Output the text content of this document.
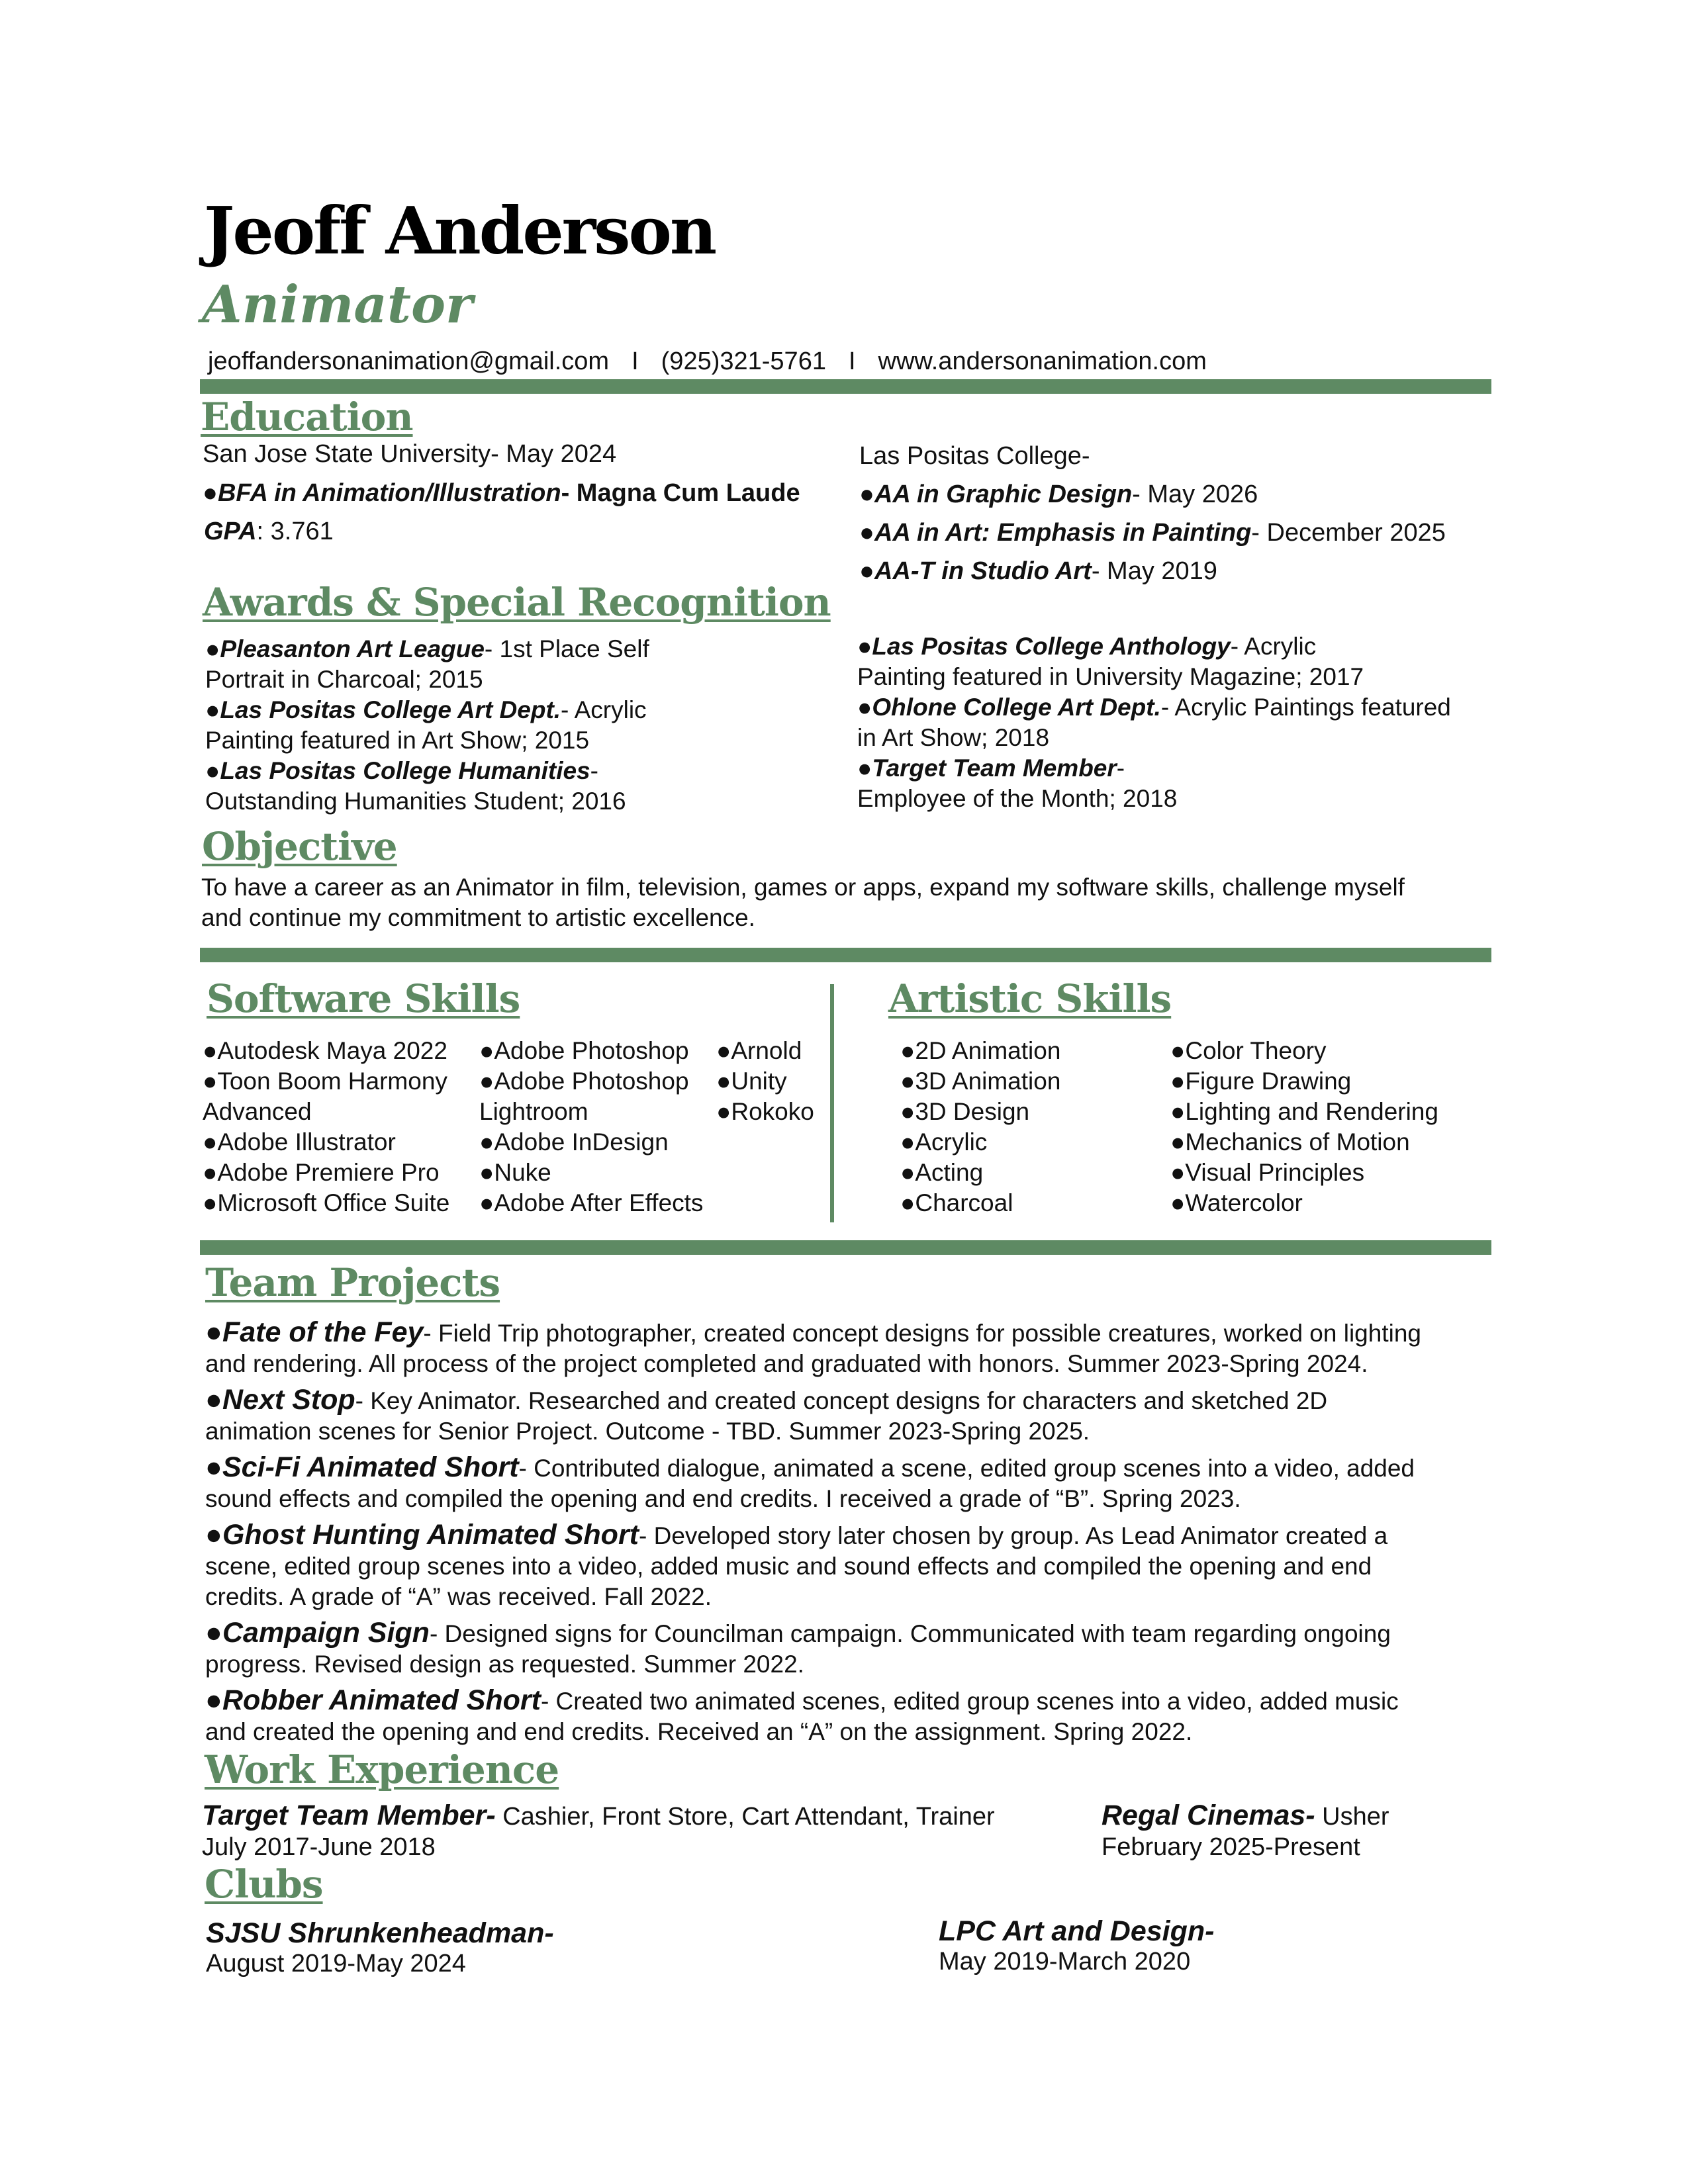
Jeoff Anderson
Animator
jeoffandersonanimation@gmail.com I (925)321-5761 I www.andersonanimation.com
Education
San Jose State University- May 2024
●BFA in Animation/Illustration- Magna Cum Laude
GPA: 3.761
Las Positas College-
●AA in Graphic Design- May 2026
●AA in Art: Emphasis in Painting- December 2025
●AA-T in Studio Art- May 2019
Awards & Special Recognition
●Pleasanton Art League- 1st Place Self
Portrait in Charcoal; 2015
●Las Positas College Art Dept.- Acrylic
Painting featured in Art Show; 2015
●Las Positas College Humanities-
Outstanding Humanities Student; 2016
●Las Positas College Anthology- Acrylic
Painting featured in University Magazine; 2017
●Ohlone College Art Dept.- Acrylic Paintings featured
in Art Show; 2018
●Target Team Member-
Employee of the Month; 2018
Objective
To have a career as an Animator in film, television, games or apps, expand my software skills, challenge myself
and continue my commitment to artistic excellence.
Software Skills
●Autodesk Maya 2022
●Toon Boom Harmony
Advanced
●Adobe Illustrator
●Adobe Premiere Pro
●Microsoft Office Suite
●Adobe Photoshop
●Adobe Photoshop
Lightroom
●Adobe InDesign
●Nuke
●Adobe After Effects
●Arnold
●Unity
●Rokoko
Artistic Skills
●2D Animation
●3D Animation
●3D Design
●Acrylic
●Acting
●Charcoal
●Color Theory
●Figure Drawing
●Lighting and Rendering
●Mechanics of Motion
●Visual Principles
●Watercolor
Team Projects
●Fate of the Fey- Field Trip photographer, created concept designs for possible creatures, worked on lighting
and rendering. All process of the project completed and graduated with honors. Summer 2023-Spring 2024.
●Next Stop- Key Animator. Researched and created concept designs for characters and sketched 2D
animation scenes for Senior Project. Outcome - TBD. Summer 2023-Spring 2025.
●Sci-Fi Animated Short- Contributed dialogue, animated a scene, edited group scenes into a video, added
sound effects and compiled the opening and end credits. I received a grade of “B”. Spring 2023.
●Ghost Hunting Animated Short- Developed story later chosen by group. As Lead Animator created a
scene, edited group scenes into a video, added music and sound effects and compiled the opening and end
credits. A grade of “A” was received. Fall 2022.
●Campaign Sign- Designed signs for Councilman campaign. Communicated with team regarding ongoing
progress. Revised design as requested. Summer 2022.
●Robber Animated Short- Created two animated scenes, edited group scenes into a video, added music
and created the opening and end credits. Received an “A” on the assignment. Spring 2022.
Work Experience
Target Team Member- Cashier, Front Store, Cart Attendant, Trainer
July 2017-June 2018
Regal Cinemas- Usher
February 2025-Present
Clubs
SJSU Shrunkenheadman-
August 2019-May 2024
LPC Art and Design-
May 2019-March 2020
